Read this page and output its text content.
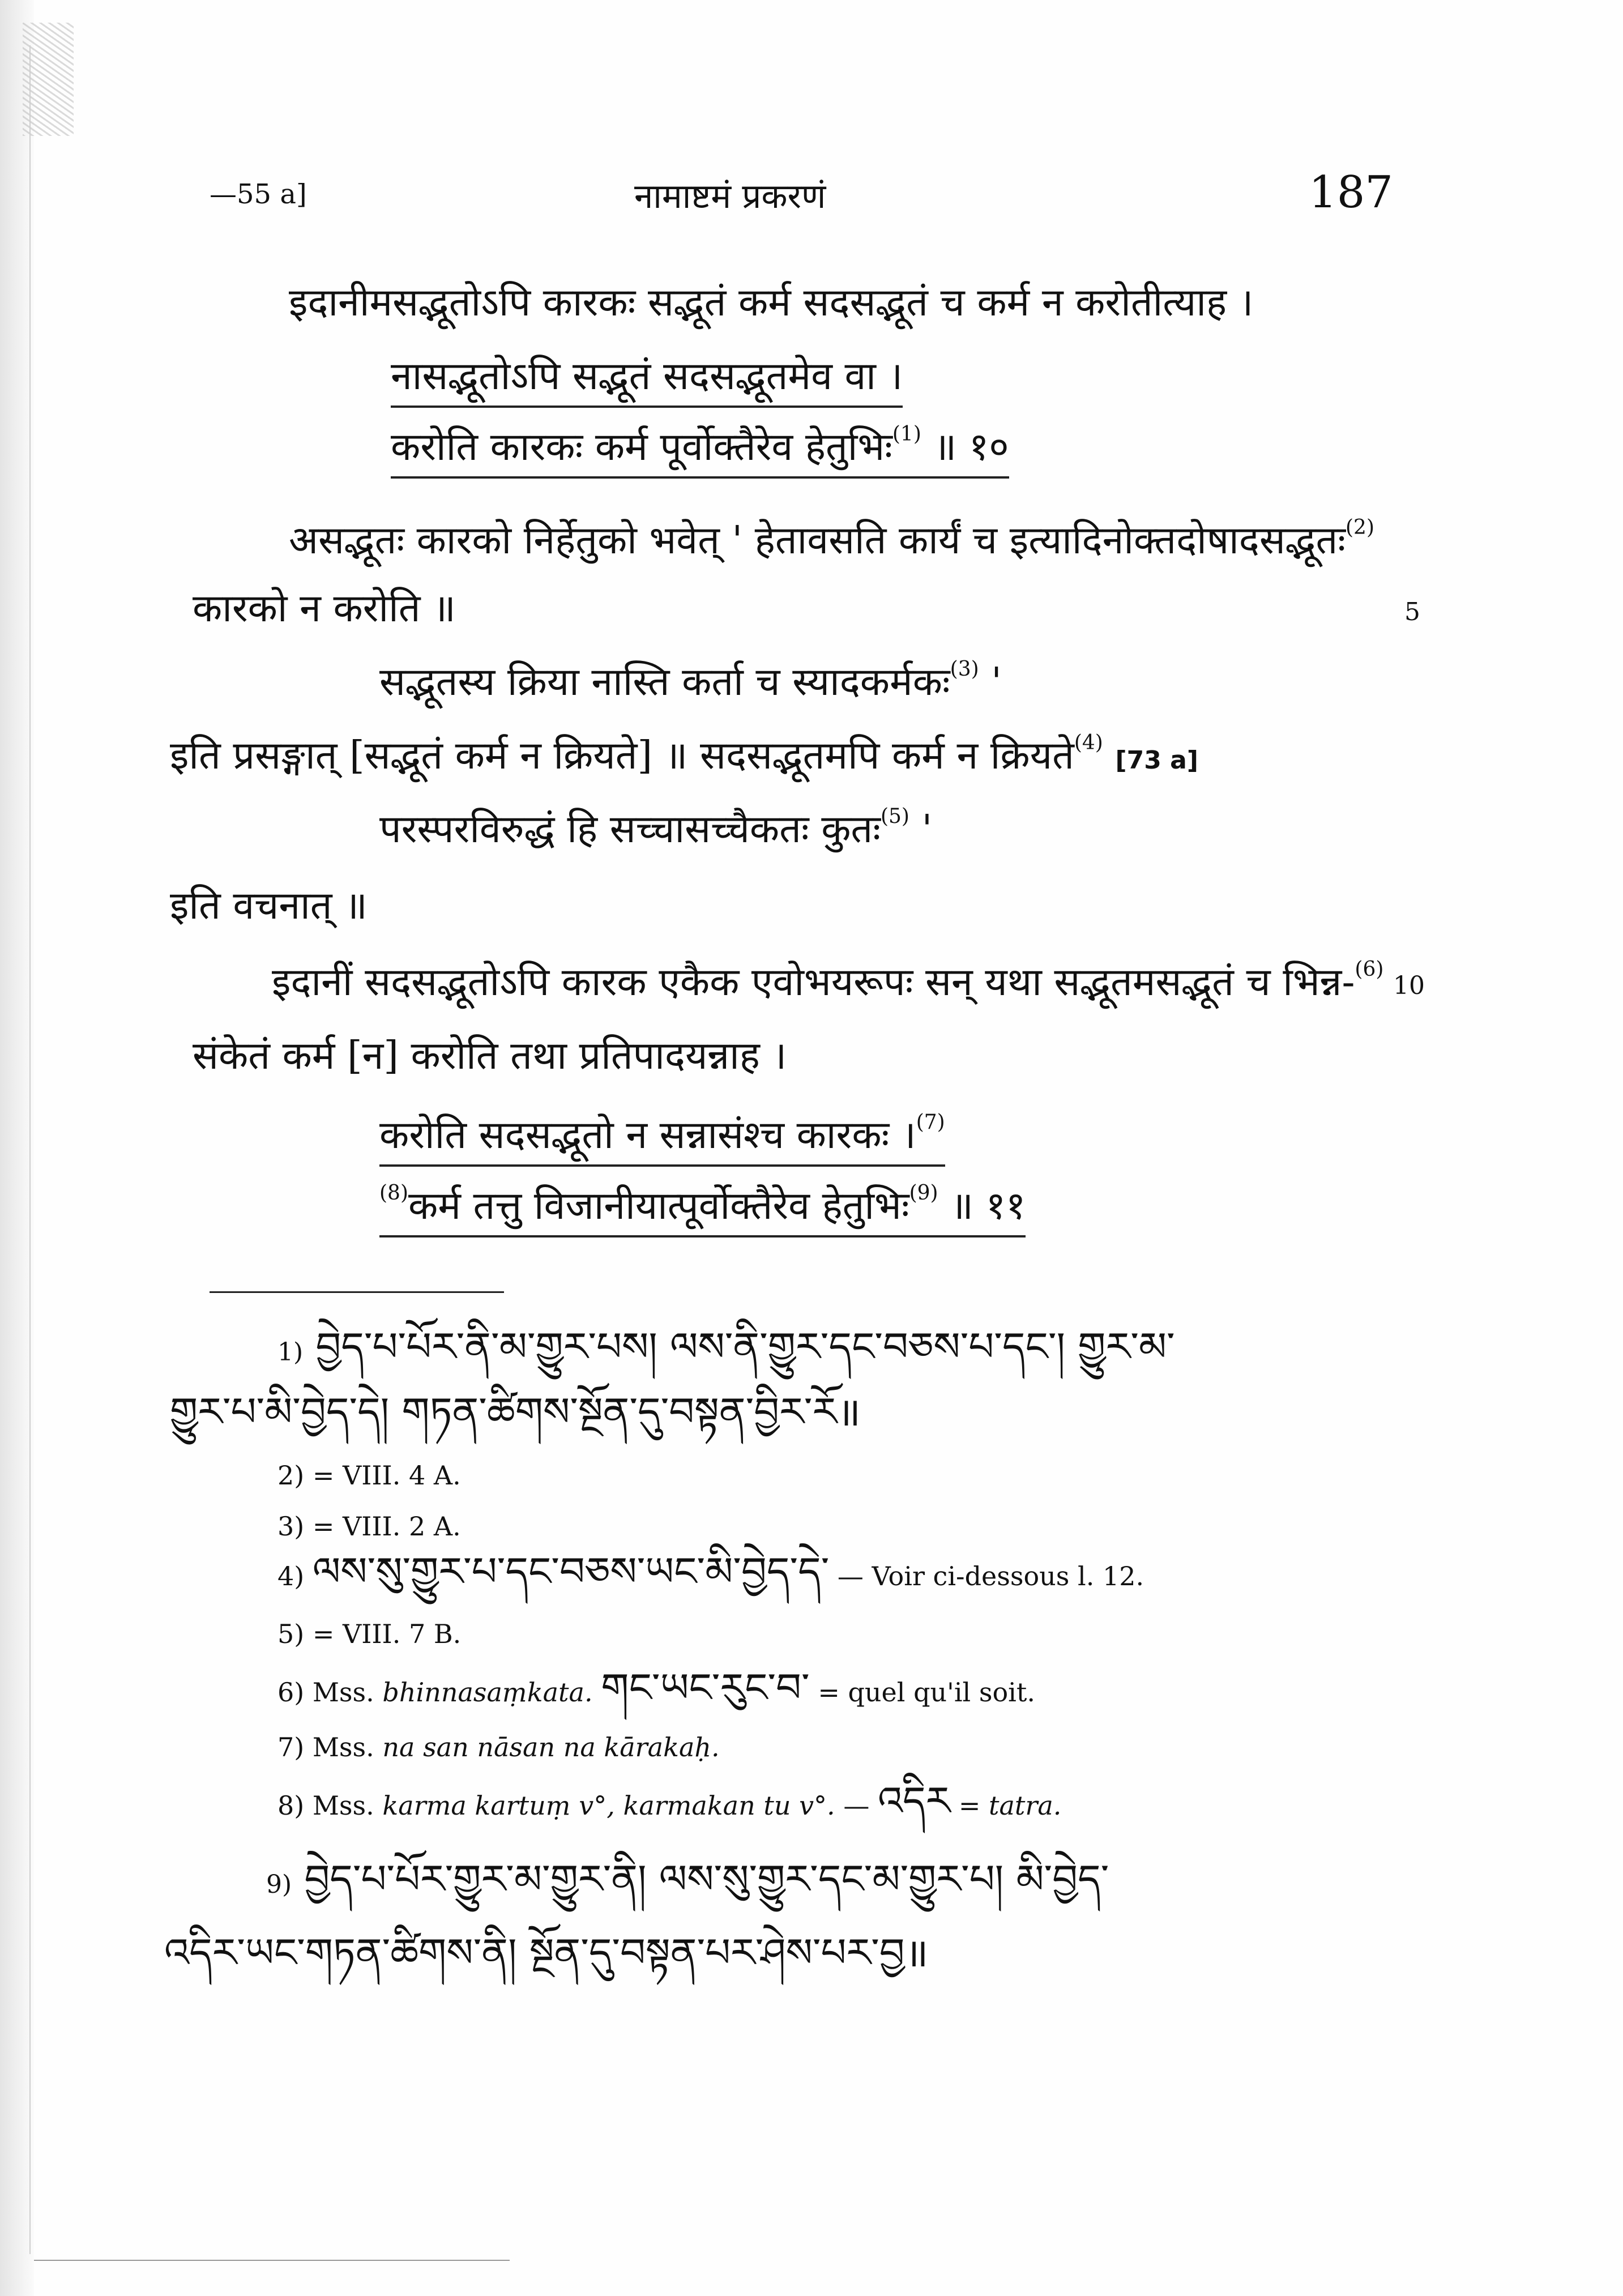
—55 a]	नामाष्टमं प्रकरणं	187
इदानीमसद्भूतोऽपि कारकः सद्भूतं कर्म सदसद्भूतं च कर्म न करोतीत्याह ।
नासद्भूतोऽपि सद्भूतं सदसद्भूतमेव वा ।
करोति कारकः कर्म पूर्वोक्तैरेव हेतुभिः$^{(1)}$ ॥ १०
असद्भूतः कारको निर्हेतुको भवेत् ' हेतावसति कार्यं च इत्यादिनोक्तदोषादसद्भूतः$^{(2)}$
कारको न करोति ॥	5
सद्भूतस्य क्रिया नास्ति कर्ता च स्यादकर्मकः$^{(3)}$ '
इति प्रसङ्गात् [सद्भूतं कर्म न क्रियते] ॥ सदसद्भूतमपि कर्म न क्रियते$^{(4)}$ [73 a]
परस्परविरुद्धं हि सच्चासच्चैकतः कुतः$^{(5)}$ '
इति वचनात् ॥
इदानीं सदसद्भूतोऽपि कारक एकैक एवोभयरूपः सन् यथा सद्भूतमसद्भूतं च भिन्न-$^{(6)}$
10
संकेतं कर्म [न] करोति तथा प्रतिपादयन्नाह ।
करोति सदसद्भूतो न सन्नासंश्च कारकः ।$^{(7)}$
$^{(8)}$कर्म तत्तु विजानीयात्पूर्वोक्तैरेव हेतुभिः$^{(9)}$ ॥ ११
1) བྱེད་པ་པོར་ནི་མ་གྱུར་པས། ལས་ནི་གྱུར་དང་བཅས་པ་དང་། གྱུར་མ་
གྱུར་པ་མི་བྱེད་དེ། གཏན་ཚིགས་སྔོན་དུ་བསྟན་བྱིར་རོ॥
2) = VIII. 4 A.
3) = VIII. 2 A.
4) ལས་སུ་གྱུར་པ་དང་བཅས་ཡང་མི་བྱེད་དེ་ — Voir ci-dessous l. 12.
5) = VIII. 7 B.
6) Mss. bhinnasaṃkata. གང་ཡང་རུང་བ་ = quel qu'il soit.
7) Mss. na san nāsan na kārakaḥ.
8) Mss. karma kartuṃ v°, karmakan tu v°. — འདིར = tatra.
9) བྱེད་པ་པོར་གྱུར་མ་གྱུར་ནི། ལས་སུ་གྱུར་དང་མ་གྱུར་པ། མི་བྱེད་
འདིར་ཡང་གཏན་ཚིགས་ནི། སྔོན་དུ་བསྟན་པར་ཤེས་པར་བྱ॥
